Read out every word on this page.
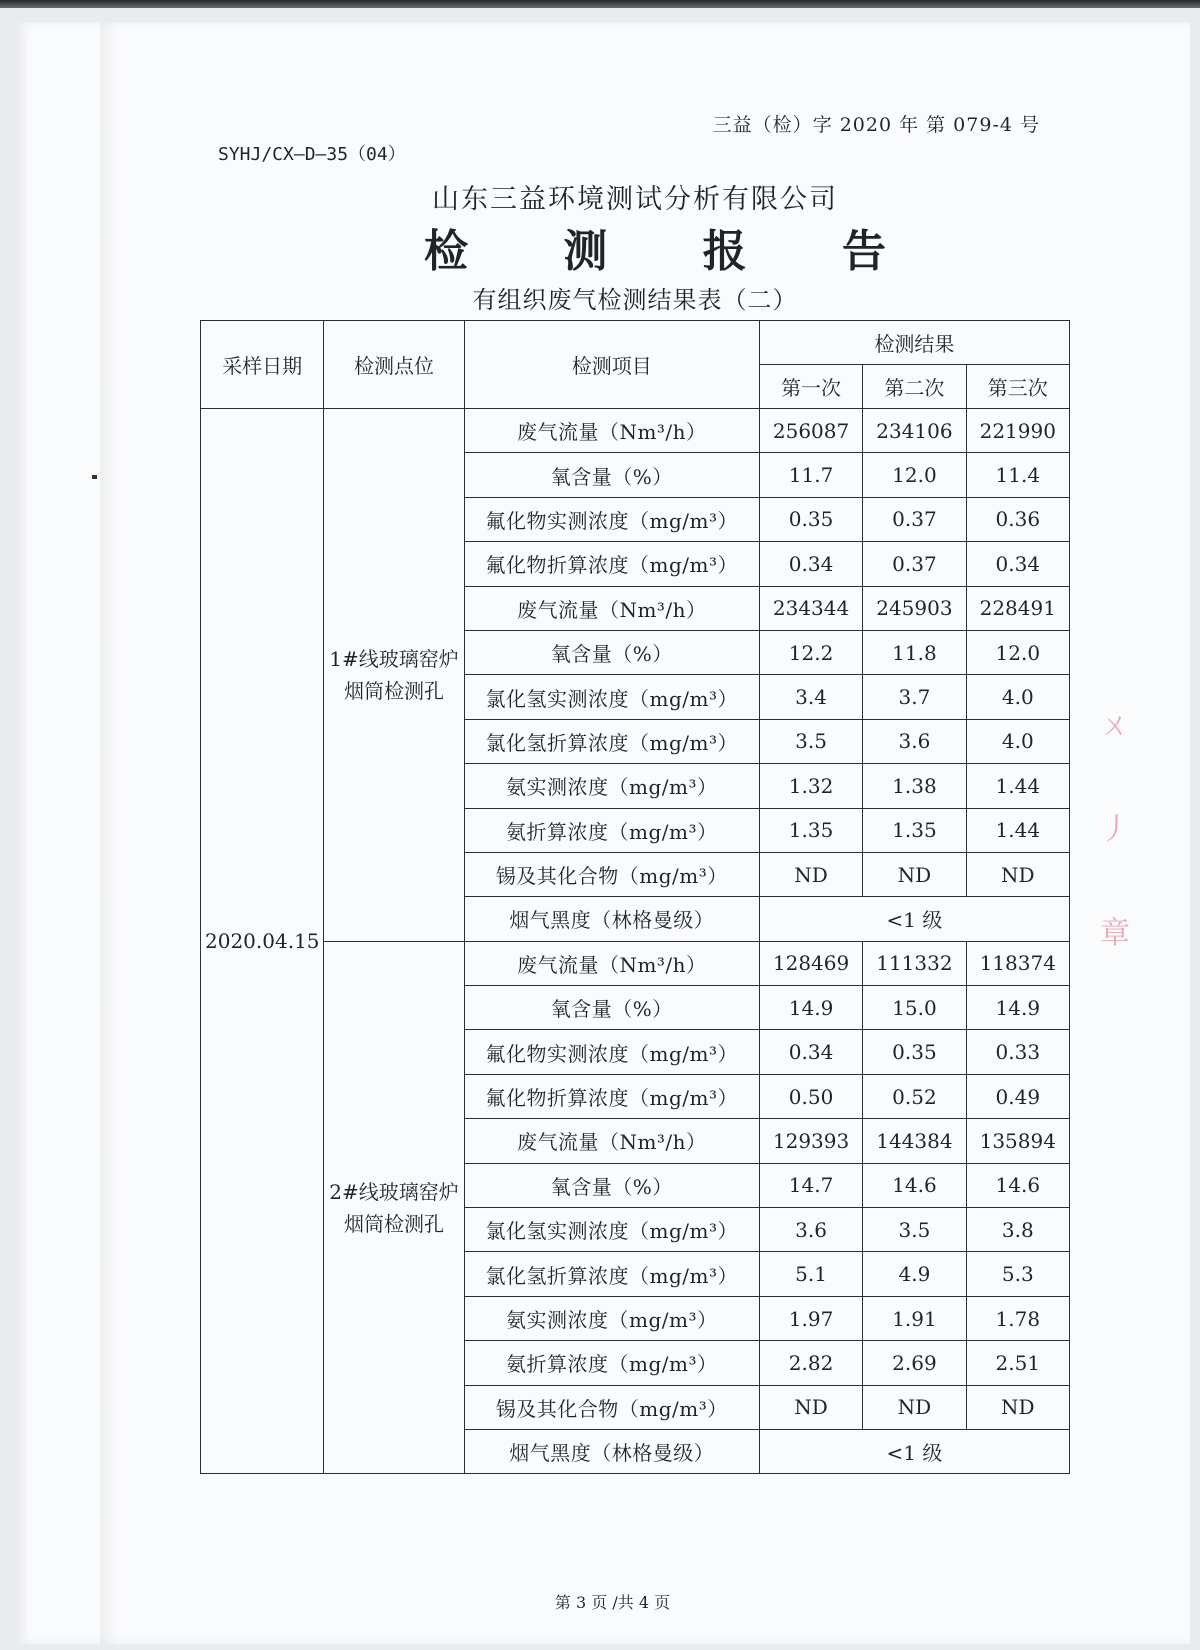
三益（检）字 2020 年 第 079-4 号
SYHJ/CX—D—35（04）
山东三益环境测试分析有限公司
检 测 报 告
有组织废气检测结果表（二）
采样日期	检测点位	检测项目	检测结果		
			第一次	第二次	第三次
2020.04.15	1#线玻璃窑炉烟筒检测孔	废气流量（Nm³/h）	256087	234106	221990
		氧含量（%）	11.7	12.0	11.4
		氟化物实测浓度（mg/m³）	0.35	0.37	0.36
		氟化物折算浓度（mg/m³）	0.34	0.37	0.34
		废气流量（Nm³/h）	234344	245903	228491
		氧含量（%）	12.2	11.8	12.0
		氯化氢实测浓度（mg/m³）	3.4	3.7	4.0
		氯化氢折算浓度（mg/m³）	3.5	3.6	4.0
		氨实测浓度（mg/m³）	1.32	1.38	1.44
		氨折算浓度（mg/m³）	1.35	1.35	1.44
		锡及其化合物（mg/m³）	ND	ND	ND
		烟气黑度（林格曼级）	<1 级		
	2#线玻璃窑炉烟筒检测孔	废气流量（Nm³/h）	128469	111332	118374
		氧含量（%）	14.9	15.0	14.9
		氟化物实测浓度（mg/m³）	0.34	0.35	0.33
		氟化物折算浓度（mg/m³）	0.50	0.52	0.49
		废气流量（Nm³/h）	129393	144384	135894
		氧含量（%）	14.7	14.6	14.6
		氯化氢实测浓度（mg/m³）	3.6	3.5	3.8
		氯化氢折算浓度（mg/m³）	5.1	4.9	5.3
		氨实测浓度（mg/m³）	1.97	1.91	1.78
		氨折算浓度（mg/m³）	2.82	2.69	2.51
		锡及其化合物（mg/m³）	ND	ND	ND
		烟气黑度（林格曼级）	<1 级		
ㄨ
丿
章
第 3 页 /共 4 页
